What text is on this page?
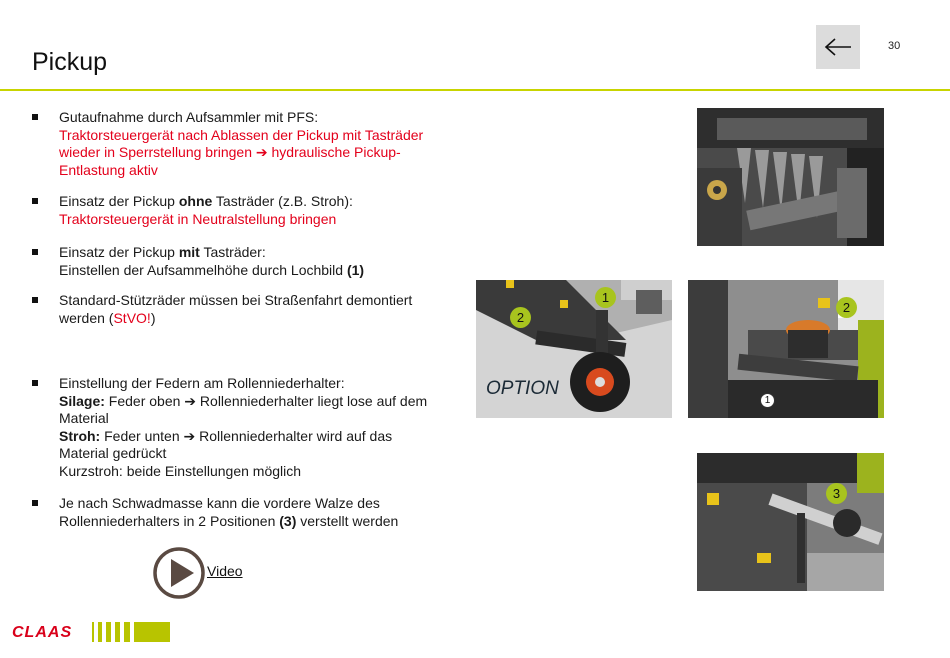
Pickup
30
Gutaufnahme durch Aufsammler mit PFS:
Traktorsteuergerät nach Ablassen der Pickup mit Tasträder
wieder in Sperrstellung bringen ➔ hydraulische Pickup-
Entlastung aktiv
Einsatz der Pickup ohne Tasträder (z.B. Stroh):
Traktorsteuergerät in Neutralstellung bringen
Einsatz der Pickup mit Tasträder:
Einstellen der Aufsammelhöhe durch Lochbild (1)
Standard-Stützräder müssen bei Straßenfahrt demontiert
werden (StVO!)
Einstellung der Federn am Rollenniederhalter:
Silage: Feder oben ➔ Rollenniederhalter liegt lose auf dem
Material
Stroh: Feder unten ➔ Rollenniederhalter wird auf das
Material gedrückt
Kurzstroh: beide Einstellungen möglich
Je nach Schwadmasse kann die vordere Walze des
Rollenniederhalters in 2 Positionen (3) verstellt werden
Video
OPTION
1
2
2
1
3
CLAAS
